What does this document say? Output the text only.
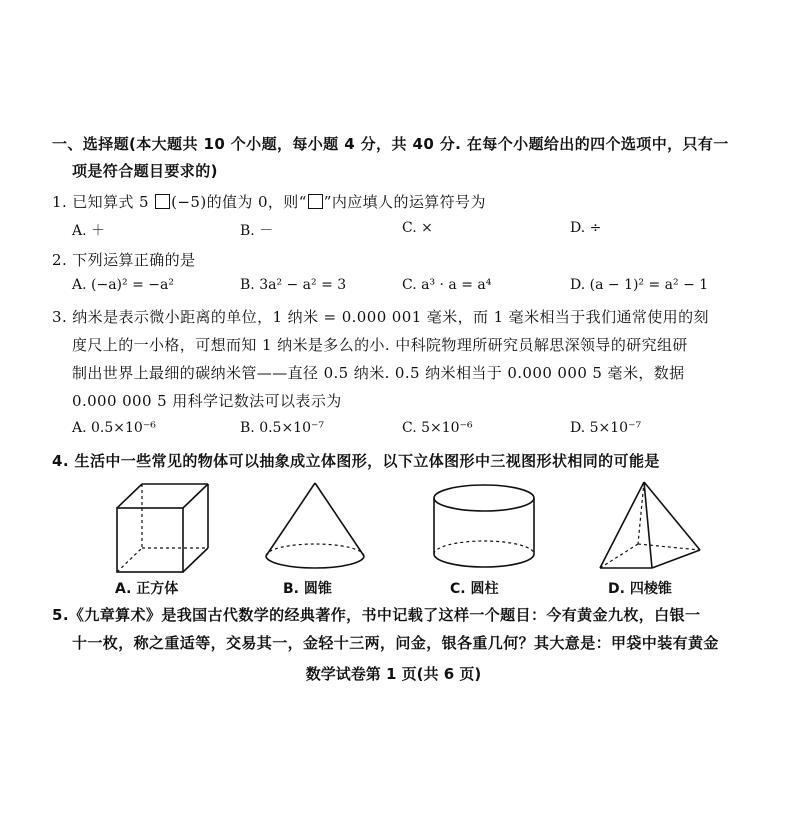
一、选择题(本大题共 10 个小题，每小题 4 分，共 40 分. 在每个小题给出的四个选项中，只有一
项是符合题目要求的)
1. 已知算式 5 (−5)的值为 0，则“ ”内应填人的运算符号为
A. ＋	B. －	C. ×	D. ÷
2. 下列运算正确的是
A. (−a)² = −a²	B. 3a² − a² = 3	C. a³ · a = a⁴	D. (a − 1)² = a² − 1
3. 纳米是表示微小距离的单位，1 纳米 = 0.000 001 毫米，而 1 毫米相当于我们通常使用的刻
度尺上的一小格，可想而知 1 纳米是多么的小. 中科院物理所研究员解思深领导的研究组研
制出世界上最细的碳纳米管——直径 0.5 纳米. 0.5 纳米相当于 0.000 000 5 毫米，数据
0.000 000 5 用科学记数法可以表示为
A. 0.5×10⁻⁶	B. 0.5×10⁻⁷	C. 5×10⁻⁶	D. 5×10⁻⁷
4. 生活中一些常见的物体可以抽象成立体图形，以下立体图形中三视图形状相同的可能是
A. 正方体	B. 圆锥	C. 圆柱	D. 四棱锥
5.《九章算术》是我国古代数学的经典著作，书中记载了这样一个题目：今有黄金九枚，白银一
十一枚，称之重适等，交易其一，金轻十三两，问金，银各重几何？其大意是：甲袋中装有黄金
数学试卷第 1 页(共 6 页)
